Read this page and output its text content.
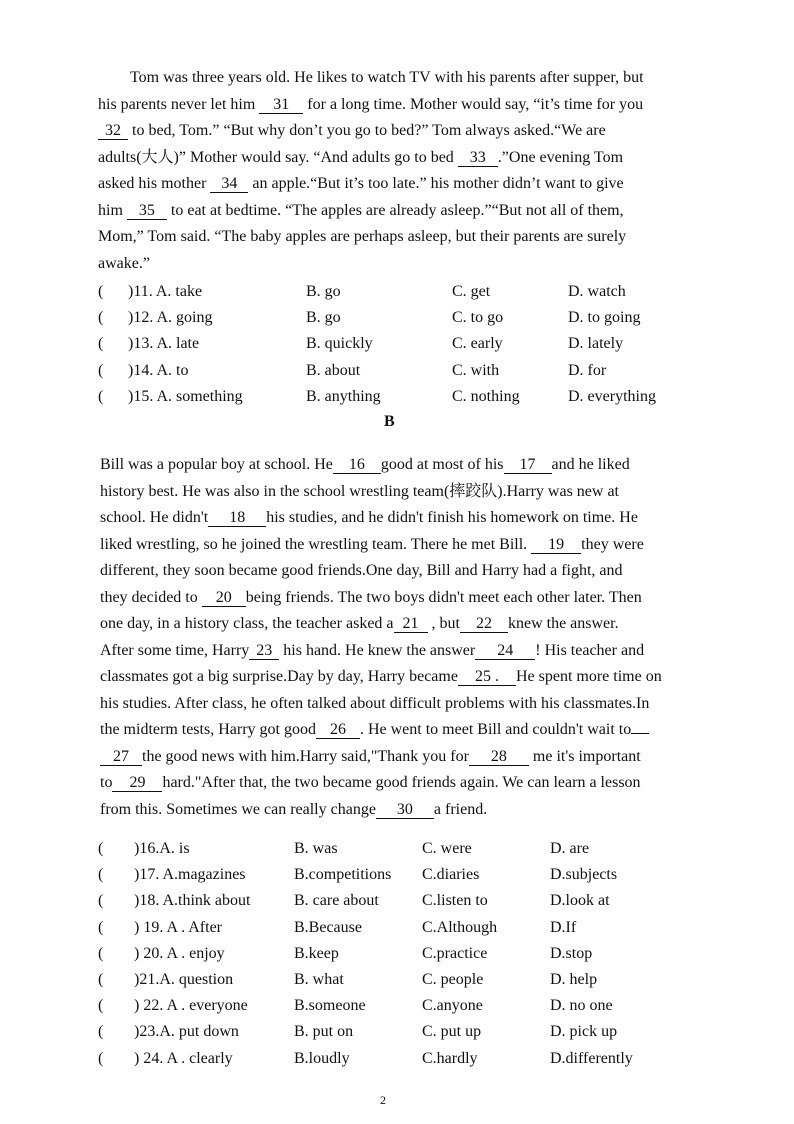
Tom was three years old. He likes to watch TV with his parents after supper, but
his parents never let him 31 for a long time. Mother would say, “it’s time for you
32 to bed, Tom.” “But why don’t you go to bed?” Tom always asked.“We are
adults(大人)” Mother would say. “And adults go to bed 33 .”One evening Tom
asked his mother 34 an apple.“But it’s too late.” his mother didn’t want to give
him 35 to eat at bedtime. “The apples are already asleep.”“But not all of them,
Mom,” Tom said. “The baby apples are perhaps asleep, but their parents are surely
awake.”
( )11. A. take	B. go	C. get	D. watch
( )12. A. going	B. go	C. to go	D. to going
( )13. A. late	B. quickly	C. early	D. lately
( )14. A. to	B. about	C. with	D. for
( )15. A. something	B. anything	C. nothing	D. everything
B
Bill was a popular boy at school. He 16 good at most of his 17 and he liked
history best. He was also in the school wrestling team(摔跤队).Harry was new at
school. He didn't 18 his studies, and he didn't finish his homework on time. He
liked wrestling, so he joined the wrestling team. There he met Bill. 19 they were
different, they soon became good friends.One day, Bill and Harry had a fight, and
they decided to 20 being friends. The two boys didn't meet each other later. Then
one day, in a history class, the teacher asked a 21 , but 22 knew the answer.
After some time, Harry 23 his hand. He knew the answer 24 ! His teacher and
classmates got a big surprise.Day by day, Harry became 25 . He spent more time on
his studies. After class, he often talked about difficult problems with his classmates.In
the midterm tests, Harry got good 26 . He went to meet Bill and couldn't wait to
27 the good news with him.Harry said,"Thank you for 28 me it's important
to 29 hard."After that, the two became good friends again. We can learn a lesson
from this. Sometimes we can really change 30 a friend.
( )16.A. is	B. was	C. were	D. are
( )17. A.magazines	B.competitions C.diaries	D.subjects
( )18. A.think about	B. care about	C.listen to	D.look at
( ) 19. A . After	B.Because	C.Although	D.If
( ) 20. A . enjoy	B.keep	C.practice	D.stop
( )21.A. question	B. what	C. people	D. help
( ) 22. A . everyone	B.someone	C.anyone	D. no one
( )23.A. put down	B. put on	C. put up	D. pick up
( ) 24. A . clearly	B.loudly	C.hardly	D.differently
2
